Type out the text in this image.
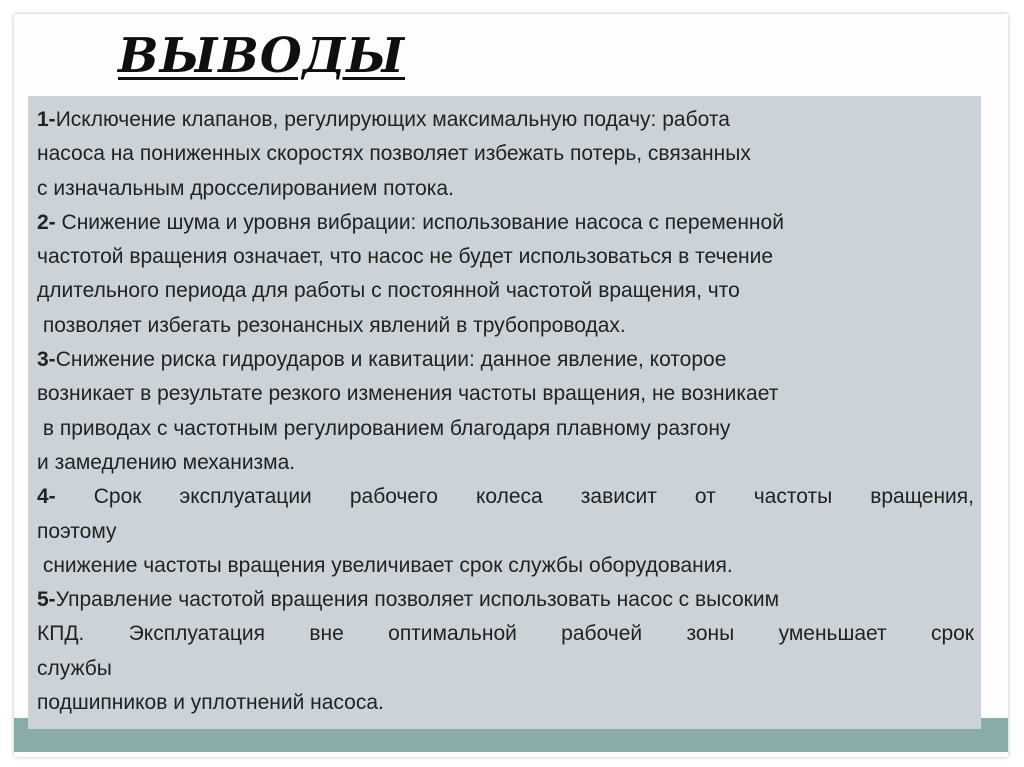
ВЫВОДЫ
1-Исключение клапанов, регулирующих максимальную подачу: работа
насоса на пониженных скоростях позволяет избежать потерь, связанных
с изначальным дросселированием потока.
2- Снижение шума и уровня вибрации: использование насоса с переменной
частотой вращения означает, что насос не будет использоваться в течение
длительного периода для работы с постоянной частотой вращения, что
позволяет избегать резонансных явлений в трубопроводах.
3-Снижение риска гидроударов и кавитации: данное явление, которое
возникает в результате резкого изменения частоты вращения, не возникает
в приводах с частотным регулированием благодаря плавному разгону
и замедлению механизма.
4- Срок эксплуатации рабочего колеса зависит от частоты вращения,
поэтому
снижение частоты вращения увеличивает срок службы оборудования.
5-Управление частотой вращения позволяет использовать насос с высоким
КПД. Эксплуатация вне оптимальной рабочей зоны уменьшает срок
службы
подшипников и уплотнений насоса.
